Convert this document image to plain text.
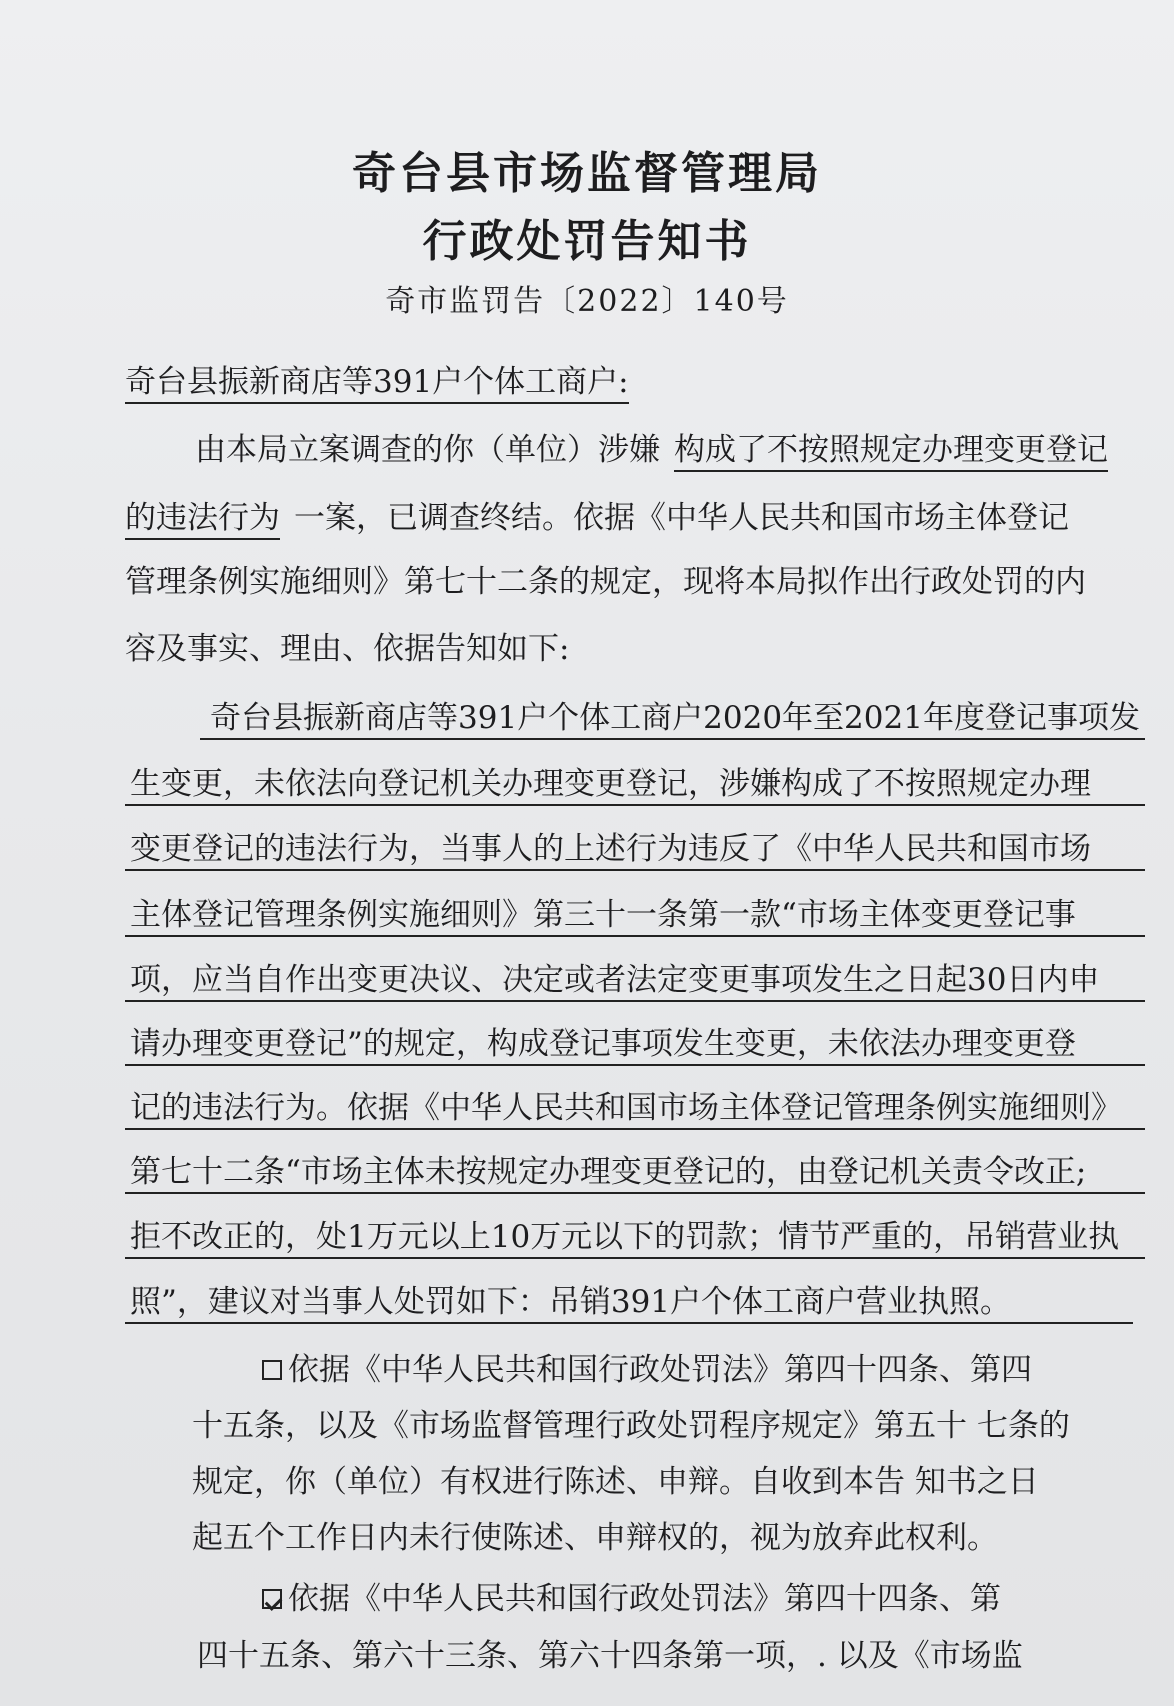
奇台县市场监督管理局
行政处罚告知书
奇市监罚告〔2022〕140号
奇台县振新商店等391户个体工商户:
由本局立案调查的你（单位）涉嫌 构成了不按照规定办理变更登记
的违法行为 一案，已调查终结。依据《中华人民共和国市场主体登记
管理条例实施细则》第七十二条的规定，现将本局拟作出行政处罚的内
容及事实、理由、依据告知如下:
奇台县振新商店等391户个体工商户2020年至2021年度登记事项发
生变更，未依法向登记机关办理变更登记，涉嫌构成了不按照规定办理
变更登记的违法行为，当事人的上述行为违反了《中华人民共和国市场
主体登记管理条例实施细则》第三十一条第一款“市场主体变更登记事
项，应当自作出变更决议、决定或者法定变更事项发生之日起30日内申
请办理变更登记”的规定，构成登记事项发生变更，未依法办理变更登
记的违法行为。依据《中华人民共和国市场主体登记管理条例实施细则》
第七十二条“市场主体未按规定办理变更登记的，由登记机关责令改正;
拒不改正的，处1万元以上10万元以下的罚款；情节严重的，吊销营业执
照”，建议对当事人处罚如下：吊销391户个体工商户营业执照。
依据《中华人民共和国行政处罚法》第四十四条、第四
十五条，以及《市场监督管理行政处罚程序规定》第五十 七条的
规定，你（单位）有权进行陈述、申辩。自收到本告 知书之日
起五个工作日内未行使陈述、申辩权的，视为放弃此权利。
依据《中华人民共和国行政处罚法》第四十四条、第
四十五条、第六十三条、第六十四条第一项，. 以及《市场监
